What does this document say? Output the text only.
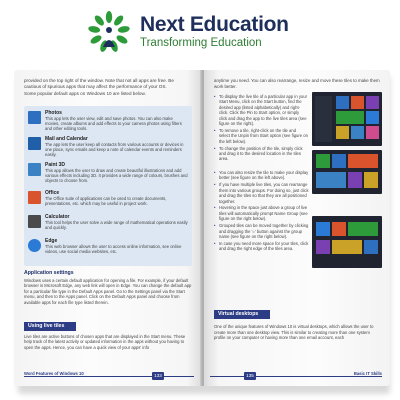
Next Education
Transforming Education
provided on the top right of the window. Note that not all apps are free. Be
cautious of spurious apps that may affect the performance of your OS.
Some popular default apps on Windows 10 are listed below.
Photos
This app lets the user view, edit and save photos. You can also make movies, create albums and add effects to your camera photos using filters and other editing tools.
Mail and Calendar
The app lets the user keep all contacts from various accounts or devices in one place, sync emails and keep a note of calendar events and reminders easily.
Paint 3D
This app allows the user to draw and create beautiful illustrations and add various effects including 3D. It provides a wide range of colours, brushes and objects to choose from.
Office
The Office suite of applications can be used to create documents, presentations, etc. which may be useful in project work.
Calculator
This tool helps the user solve a wide range of mathematical operations easily and quickly.
Edge
This web browser allows the user to access online information, see online videos, use social media websites, etc.
Application settings
Windows uses a certain default application for opening a file. For example, if your default browser is Microsoft Edge, any web link will open in Edge. You can change the default app for a particular file type in the Default Apps panel. Go to the Settings panel via the Start menu, and then to the Apps panel. Click on the Default Apps panel and choose from available apps for each file type listed therein.
Using live tiles
Live tiles are active buttons of chosen apps that are displayed in the Start menu. These help track of the latest activity or updated information in the apps without you having to open the apps. Hence, you can have a quick view of your apps' info
Word Features of Windows 10	133
anytime you need. You can also rearrange, resize and move these tiles to make them work better.
• To display the live tile of a particular app in your Start Menu, click on the Start button, find the desired app (listed alphabetically) and right-click. Click the Pin to Start option, or simply click and drag the app to the live tiles area (see figure on the right).
• To remove a tile, right-click on the tile and select the Unpin from Start option (see figure on the left below).
• To change the position of the tile, simply click and drag it to the desired location in the tiles area.
• You can also resize the tile to make your display better (see figure on the left above).
• If you have multiple live tiles, you can rearrange them into various groups. For doing so, just click and drag the tiles so that they are all positioned together.
• Hovering in the space just above a group of live tiles will automatically prompt Name Group (see figure on the right below).
• Grouped tiles can be moved together by clicking and dragging the '=' button against the group name (see figure on the right below).
• In case you need more space for your tiles, click and drag the right edge of the tiles area.
Virtual desktops
One of the unique features of Windows 10 is virtual desktops, which allows the user to create more than one desktop view. This is similar to creating more than one system profile on your computer or having more than one email account, each
135	Basic IT Skills
